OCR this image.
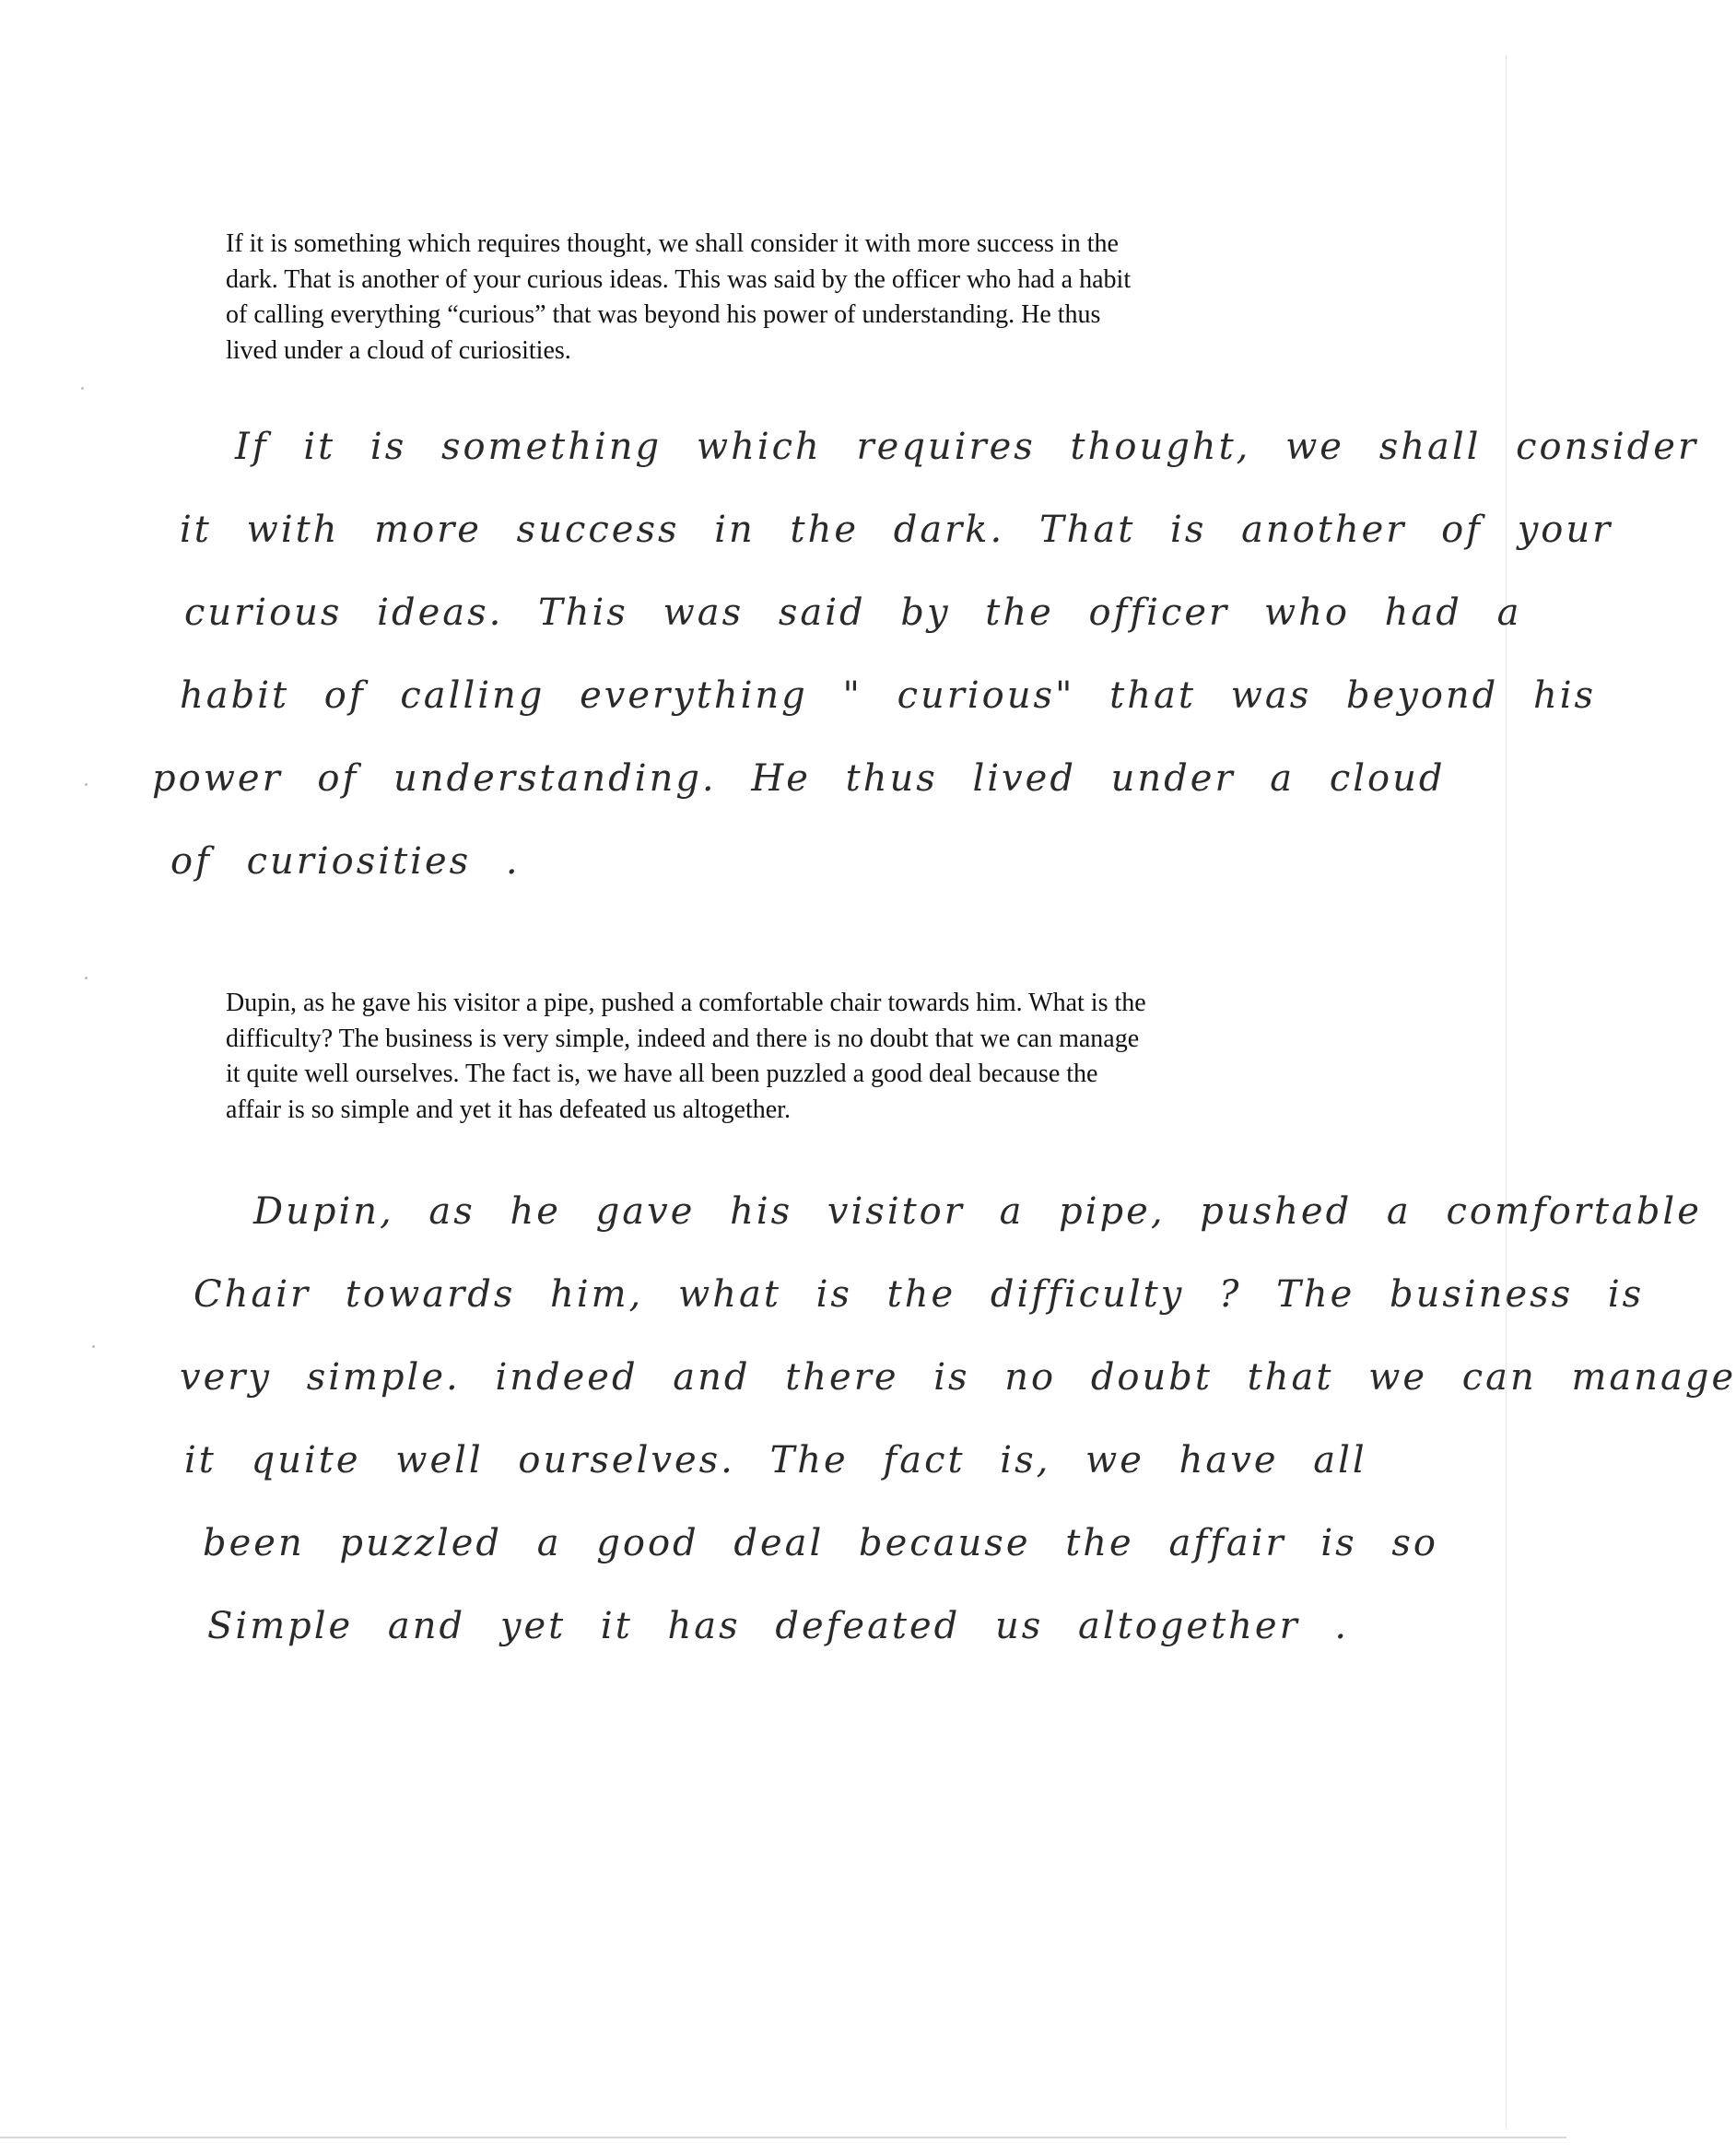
If it is something which requires thought, we shall consider it with more success in the
dark. That is another of your curious ideas. This was said by the officer who had a habit
of calling everything “curious” that was beyond his power of understanding. He thus
lived under a cloud of curiosities.

If it is something which requires thought, we shall consider
it with more success in the dark. That is another of your
curious ideas. This was said by the officer who had a
habit of calling everything " curious" that was beyond his
power of understanding. He thus lived under a cloud
of curiosities .

Dupin, as he gave his visitor a pipe, pushed a comfortable chair towards him. What is the
difficulty? The business is very simple, indeed and there is no doubt that we can manage
it quite well ourselves. The fact is, we have all been puzzled a good deal because the
affair is so simple and yet it has defeated us altogether.

Dupin, as he gave his visitor a pipe, pushed a comfortable
Chair towards him, what is the difficulty ? The business is
very simple. indeed and there is no doubt that we can manage
it quite well ourselves. The fact is, we have all
been puzzled a good deal because the affair is so
Simple and yet it has defeated us altogether .
